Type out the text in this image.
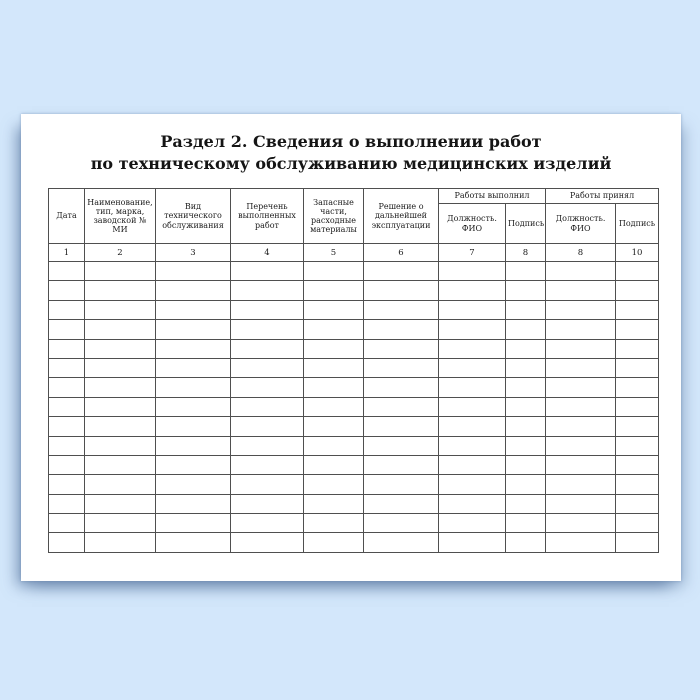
Раздел 2. Сведения о выполнении работ
по техническому обслуживанию медицинских изделий
Дата	Наименование, тип, марка, заводской № МИ	Вид технического обслуживания	Перечень выполненных работ	Запасные части, расходные материалы	Решение о дальнейшей эксплуатации	Работы выполнил		Работы принял	
						Должность. ФИО	Подпись	Должность. ФИО	Подпись
1	2	3	4	5	6	7	8	8	10
